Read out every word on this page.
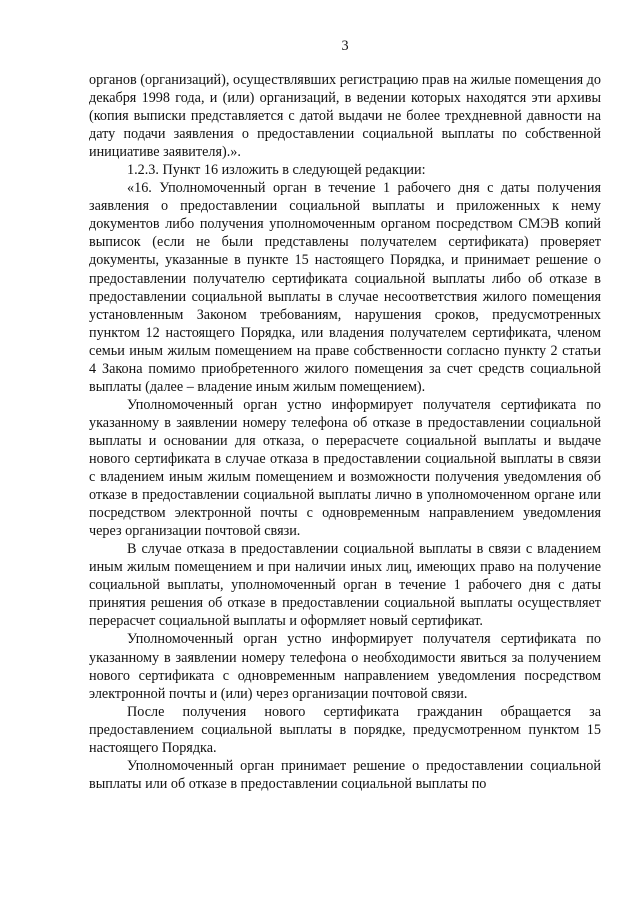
3

органов (организаций), осуществлявших регистрацию прав на жилые помещения до декабря 1998 года, и (или) организаций, в ведении которых находятся эти архивы (копия выписки представляется с датой выдачи не более трехдневной давности на дату подачи заявления о предоставлении социальной выплаты по собственной инициативе заявителя).».

1.2.3. Пункт 16 изложить в следующей редакции:

«16. Уполномоченный орган в течение 1 рабочего дня с даты получения заявления о предоставлении социальной выплаты и приложенных к нему документов либо получения уполномоченным органом посредством СМЭВ копий выписок (если не были представлены получателем сертификата) проверяет документы, указанные в пункте 15 настоящего Порядка, и принимает решение о предоставлении получателю сертификата социальной выплаты либо об отказе в предоставлении социальной выплаты в случае несоответствия жилого помещения установленным Законом требованиям, нарушения сроков, предусмотренных пунктом 12 настоящего Порядка, или владения получателем сертификата, членом семьи иным жилым помещением на праве собственности согласно пункту 2 статьи 4 Закона помимо приобретенного жилого помещения за счет средств социальной выплаты (далее – владение иным жилым помещением).

Уполномоченный орган устно информирует получателя сертификата по указанному в заявлении номеру телефона об отказе в предоставлении социальной выплаты и основании для отказа, о перерасчете социальной выплаты и выдаче нового сертификата в случае отказа в предоставлении социальной выплаты в связи с владением иным жилым помещением и возможности получения уведомления об отказе в предоставлении социальной выплаты лично в уполномоченном органе или посредством электронной почты с одновременным направлением уведомления через организации почтовой связи.

В случае отказа в предоставлении социальной выплаты в связи с владением иным жилым помещением и при наличии иных лиц, имеющих право на получение социальной выплаты, уполномоченный орган в течение 1 рабочего дня с даты принятия решения об отказе в предоставлении социальной выплаты осуществляет перерасчет социальной выплаты и оформляет новый сертификат.

Уполномоченный орган устно информирует получателя сертификата по указанному в заявлении номеру телефона о необходимости явиться за получением нового сертификата с одновременным направлением уведомления посредством электронной почты и (или) через организации почтовой связи.

После получения нового сертификата гражданин обращается за предоставлением социальной выплаты в порядке, предусмотренном пунктом 15 настоящего Порядка.

Уполномоченный орган принимает решение о предоставлении социальной выплаты или об отказе в предоставлении социальной выплаты по
